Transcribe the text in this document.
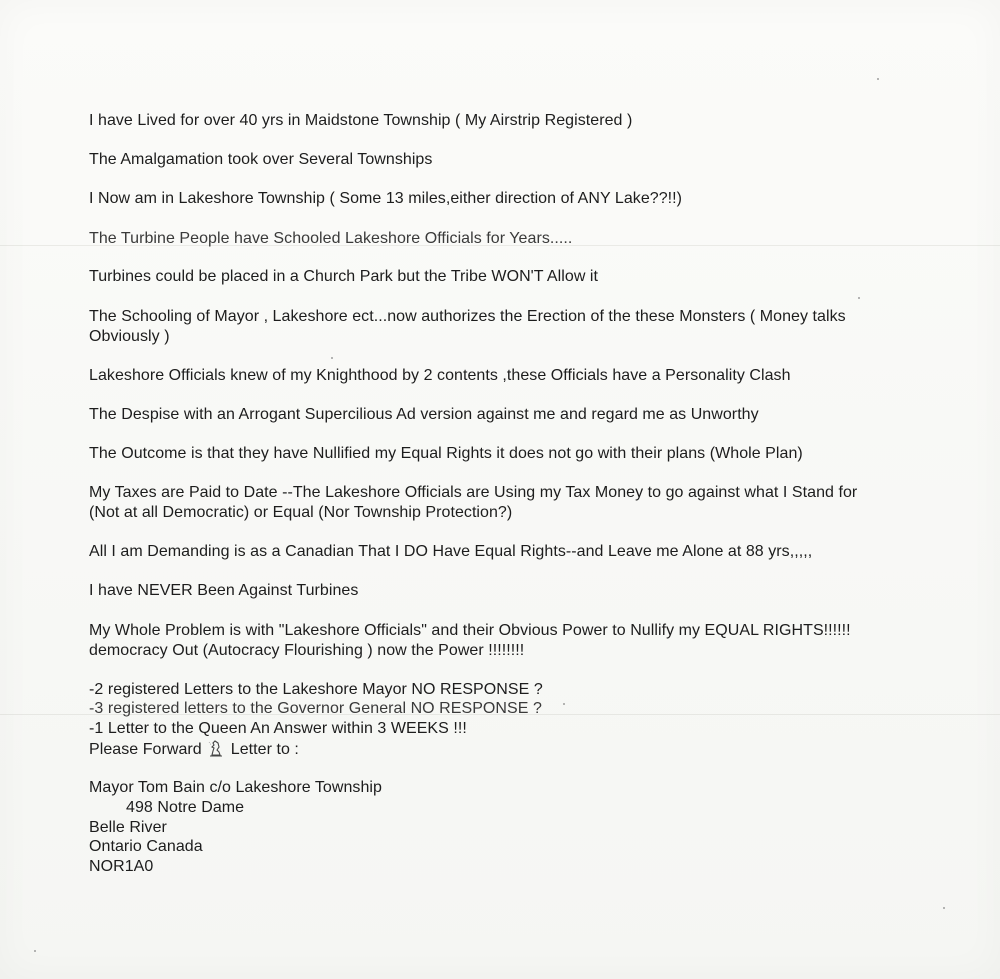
I have Lived for over 40 yrs in Maidstone Township ( My Airstrip Registered )
The Amalgamation took over Several Townships
I Now am in Lakeshore Township ( Some 13 miles,either direction of ANY Lake??!!)
The Turbine People have Schooled Lakeshore Officials for Years.....
Turbines could be placed in a Church Park but the Tribe WON'T Allow it
The Schooling of Mayor , Lakeshore ect...now authorizes the Erection of the these Monsters ( Money talks
Obviously )
Lakeshore Officials knew of my Knighthood by 2 contents ,these Officials have a Personality Clash
The Despise with an Arrogant Supercilious Ad version against me and regard me as Unworthy
The Outcome is that they have Nullified my Equal Rights it does not go with their plans (Whole Plan)
My Taxes are Paid to Date --The Lakeshore Officials are Using my Tax Money to go against what I Stand for
(Not at all Democratic) or Equal (Nor Township Protection?)
All I am Demanding is as a Canadian That I DO Have Equal Rights--and Leave me Alone at 88 yrs,,,,,
I have NEVER Been Against Turbines
My Whole Problem is with "Lakeshore Officials" and their Obvious Power to Nullify my EQUAL RIGHTS!!!!!!
democracy Out (Autocracy Flourishing ) now the Power !!!!!!!!
-2 registered Letters to the Lakeshore Mayor NO RESPONSE ?
-3 registered letters to the Governor General NO RESPONSE ?
-1 Letter to the Queen An Answer within 3 WEEKS !!!
Please Forward Letter to :
Mayor Tom Bain c/o Lakeshore Township
498 Notre Dame
Belle River
Ontario Canada
NOR1A0
